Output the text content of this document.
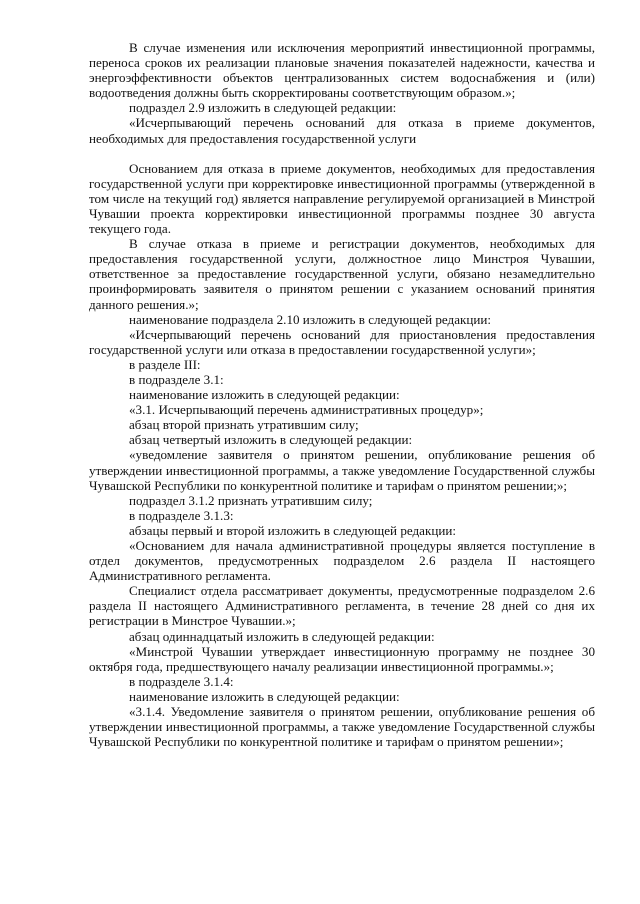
В случае изменения или исключения мероприятий инвестиционной программы, переноса сроков их реализации плановые значения показателей надежности, качества и энергоэффективности объектов централизованных систем водоснабжения и (или) водоотведения должны быть скорректированы соответствующим образом.»;

подраздел 2.9 изложить в следующей редакции:

«Исчерпывающий перечень оснований для отказа в приеме документов, необходимых для предоставления государственной услуги

Основанием для отказа в приеме документов, необходимых для предоставления государственной услуги при корректировке инвестиционной программы (утвержденной в том числе на текущий год) является направление регулируемой организацией в Минстрой Чувашии проекта корректировки инвестиционной программы позднее 30 августа текущего года.

В случае отказа в приеме и регистрации документов, необходимых для предоставления государственной услуги, должностное лицо Минстроя Чувашии, ответственное за предоставление государственной услуги, обязано незамедлительно проинформировать заявителя о принятом решении с указанием оснований принятия данного решения.»;

наименование подраздела 2.10 изложить в следующей редакции:

«Исчерпывающий перечень оснований для приостановления предоставления государственной услуги или отказа в предоставлении государственной услуги»;

в разделе III:

в подразделе 3.1:

наименование изложить в следующей редакции:

«3.1. Исчерпывающий перечень административных процедур»;

абзац второй признать утратившим силу;

абзац четвертый изложить в следующей редакции:

«уведомление заявителя о принятом решении, опубликование решения об утверждении инвестиционной программы, а также уведомление Государственной службы Чувашской Республики по конкурентной политике и тарифам о принятом решении;»;

подраздел 3.1.2 признать утратившим силу;

в подразделе 3.1.3:

абзацы первый и второй изложить в следующей редакции:

«Основанием для начала административной процедуры является поступление в отдел документов, предусмотренных подразделом 2.6 раздела II настоящего Административного регламента.

Специалист отдела рассматривает документы, предусмотренные подразделом 2.6 раздела II настоящего Административного регламента, в течение 28 дней со дня их регистрации в Минстрое Чувашии.»;

абзац одиннадцатый изложить в следующей редакции:

«Минстрой Чувашии утверждает инвестиционную программу не позднее 30 октября года, предшествующего началу реализации инвестиционной программы.»;

в подразделе 3.1.4:

наименование изложить в следующей редакции:

«3.1.4. Уведомление заявителя о принятом решении, опубликование решения об утверждении инвестиционной программы, а также уведомление Государственной службы Чувашской Республики по конкурентной политике и тарифам о принятом решении»;
